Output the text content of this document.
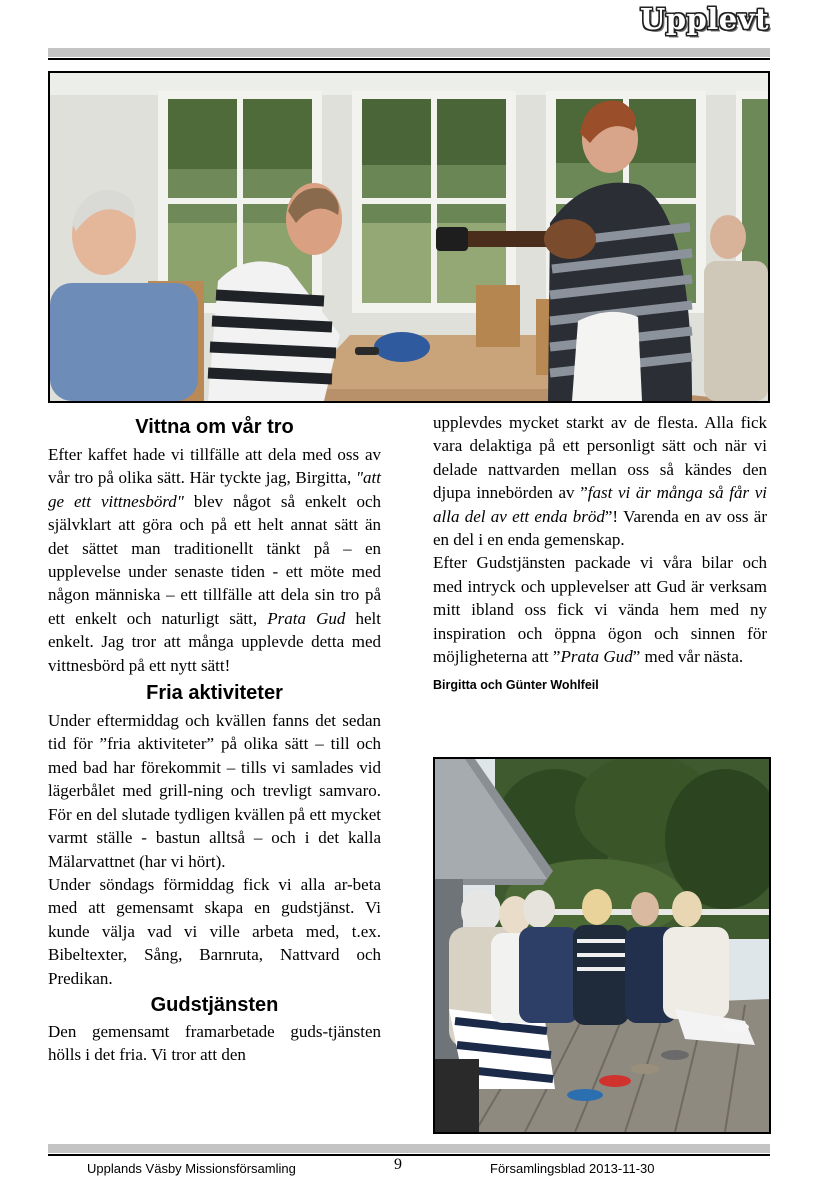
Upplevt
Vittna om vår tro

Efter kaffet hade vi tillfälle att dela med oss av vår tro på olika sätt. Här tyckte jag, Birgitta, "att ge ett vittnesbörd" blev något så enkelt och självklart att göra och på ett helt annat sätt än det sättet man traditionellt tänkt på – en upplevelse under senaste tiden - ett möte med någon människa – ett tillfälle att dela sin tro på ett enkelt och naturligt sätt, Prata Gud helt enkelt. Jag tror att många upplevde detta med vittnesbörd på ett nytt sätt!

Fria aktiviteter

Under eftermiddag och kvällen fanns det sedan tid för ”fria aktiviteter” på olika sätt – till och med bad har förekommit – tills vi samlades vid lägerbålet med grill-ning och trevligt samvaro. För en del slutade tydligen kvällen på ett mycket varmt ställe - bastun alltså – och i det kalla Mälarvattnet (har vi hört).

Under söndags förmiddag fick vi alla ar-beta med att gemensamt skapa en gudstjänst. Vi kunde välja vad vi ville arbeta med, t.ex. Bibeltexter, Sång, Barnruta, Nattvard och Predikan.

Gudstjänsten

Den gemensamt framarbetade guds-tjänsten hölls i det fria. Vi tror att den

upplevdes mycket starkt av de flesta. Alla fick vara delaktiga på ett personligt sätt och när vi delade nattvarden mellan oss så kändes den djupa innebörden av ”fast vi är många så får vi alla del av ett enda bröd”! Varenda en av oss är en del i en enda gemenskap.

Efter Gudstjänsten packade vi våra bilar och med intryck och upplevelser att Gud är verksam mitt ibland oss fick vi vända hem med ny inspiration och öppna ögon och sinnen för möjligheterna att ”Prata Gud” med vår nästa.

Birgitta och Günter Wohlfeil
Upplands Väsby Missionsförsamling	9	Församlingsblad 2013-11-30
